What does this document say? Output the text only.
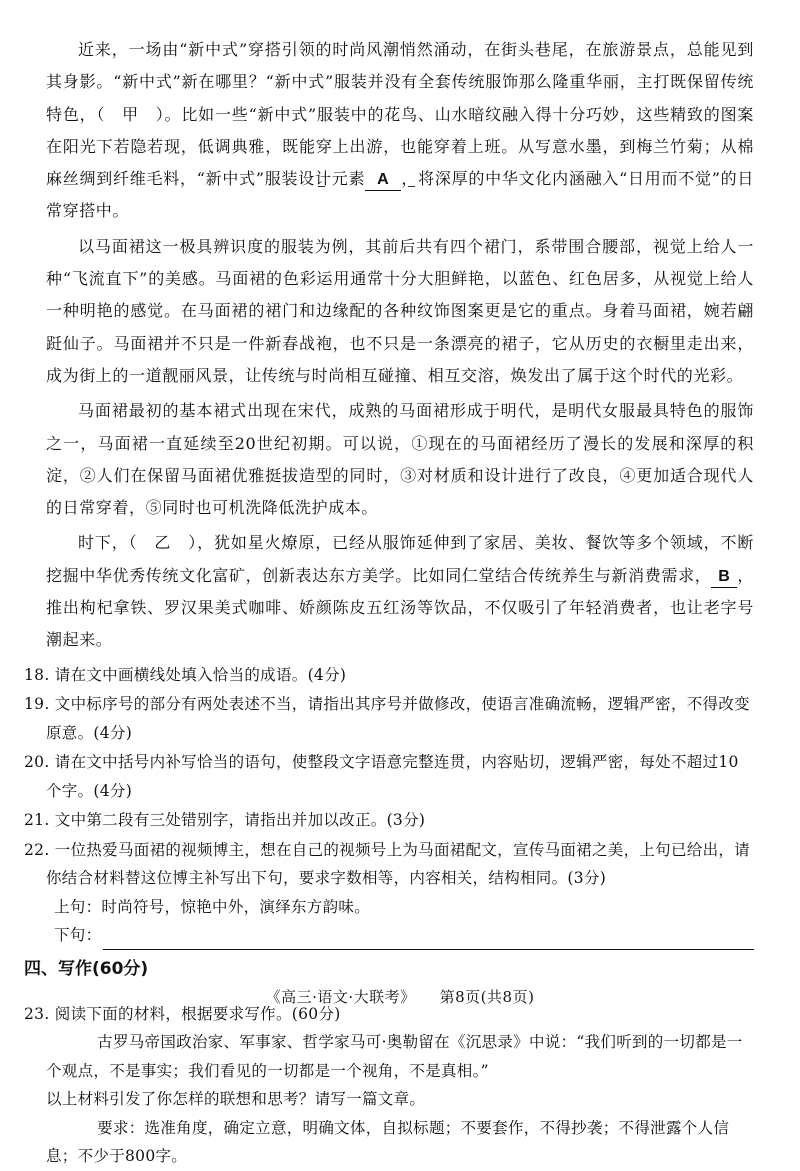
近来，一场由“新中式”穿搭引领的时尚风潮悄然涌动，在街头巷尾，在旅游景点，总能见到其身影。“新中式”新在哪里？“新中式”服装并没有全套传统服饰那么隆重华丽，主打既保留传统特色，（　甲　）。比如一些“新中式”服装中的花鸟、山水暗纹融入得十分巧妙，这些精致的图案在阳光下若隐若现，低调典雅，既能穿上出游，也能穿着上班。从写意水墨，到梅兰竹菊；从棉麻丝绸到纤维毛料，“新中式”服装设计元素 A ，将深厚的中华文化内涵融入“日用而不觉”的日常穿搭中。

以马面裙这一极具辨识度的服装为例，其前后共有四个裙门，系带围合腰部，视觉上给人一种“飞流直下”的美感。马面裙的色彩运用通常十分大胆鲜艳，以蓝色、红色居多，从视觉上给人一种明艳的感觉。在马面裙的裙门和边缘配的各种纹饰图案更是它的重点。身着马面裙，婉若翩跹仙子。马面裙并不只是一件新春战袍，也不只是一条漂亮的裙子，它从历史的衣橱里走出来，成为街上的一道靓丽风景，让传统与时尚相互碰撞、相互交溶，焕发出了属于这个时代的光彩。

马面裙最初的基本裙式出现在宋代，成熟的马面裙形成于明代，是明代女服最具特色的服饰之一，马面裙一直延续至20世纪初期。可以说，①现在的马面裙经历了漫长的发展和深厚的积淀，②人们在保留马面裙优雅挺拔造型的同时，③对材质和设计进行了改良，④更加适合现代人的日常穿着，⑤同时也可机洗降低洗护成本。

时下，（　乙　），犹如星火燎原，已经从服饰延伸到了家居、美妆、餐饮等多个领域，不断挖掘中华优秀传统文化富矿，创新表达东方美学。比如同仁堂结合传统养生与新消费需求， B ，推出枸杞拿铁、罗汉果美式咖啡、娇颜陈皮五红汤等饮品，不仅吸引了年轻消费者，也让老字号潮起来。

18. 请在文中画横线处填入恰当的成语。(4分)

19. 文中标序号的部分有两处表述不当，请指出其序号并做修改，使语言准确流畅，逻辑严密，不得改变原意。(4分)

20. 请在文中括号内补写恰当的语句，使整段文字语意完整连贯，内容贴切，逻辑严密，每处不超过10个字。(4分)

21. 文中第二段有三处错别字，请指出并加以改正。(3分)

22. 一位热爱马面裙的视频博主，想在自己的视频号上为马面裙配文，宣传马面裙之美，上句已给出，请你结合材料替这位博主补写出下句，要求字数相等，内容相关，结构相同。(3分)

上句：时尚符号，惊艳中外，演绎东方韵味。

下句：
四、写作(60分)

23. 阅读下面的材料，根据要求写作。(60分)

古罗马帝国政治家、军事家、哲学家马可·奥勒留在《沉思录》中说：“我们听到的一切都是一个观点，不是事实；我们看见的一切都是一个视角，不是真相。”

以上材料引发了你怎样的联想和思考？请写一篇文章。

要求：选准角度，确定立意，明确文体，自拟标题；不要套作，不得抄袭；不得泄露个人信息；不少于800字。

《高三·语文·大联考》 第8页(共8页)
